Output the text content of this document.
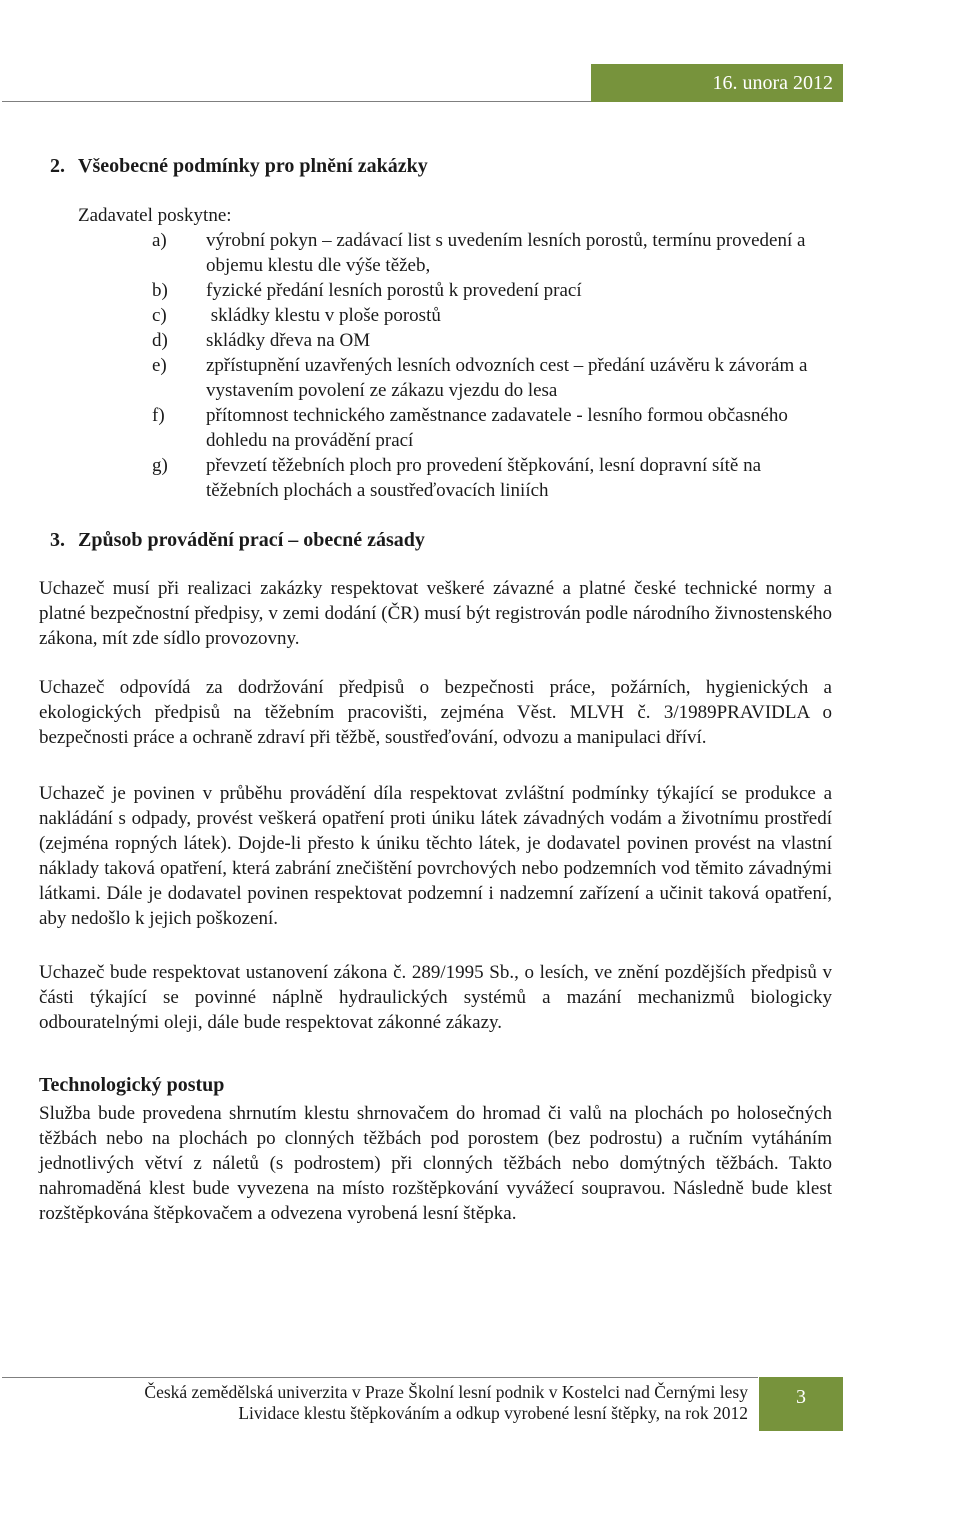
16. unora 2012
2. Všeobecné podmínky pro plnění zakázky
Zadavatel poskytne:
a)	výrobní pokyn – zadávací list s uvedením lesních porostů, termínu provedení a objemu klestu dle výše těžeb,
b)	fyzické předání lesních porostů k provedení prací
c)	skládky klestu v ploše porostů
d)	skládky dřeva na OM
e)	zpřístupnění uzavřených lesních odvozních cest – předání uzávěru k závorám a vystavením povolení ze zákazu vjezdu do lesa
f)	přítomnost technického zaměstnance zadavatele - lesního formou občasného dohledu na provádění prací
g)	převzetí těžebních ploch pro provedení štěpkování, lesní dopravní sítě na těžebních plochách a soustřeďovacích liniích
3. Způsob provádění prací – obecné zásady
Uchazeč musí při realizaci zakázky respektovat veškeré závazné a platné české technické normy a platné bezpečnostní předpisy, v zemi dodání (ČR) musí být registrován podle národního živnostenského zákona, mít zde sídlo provozovny.
Uchazeč odpovídá za dodržování předpisů o bezpečnosti práce, požárních, hygienických a ekologických předpisů na těžebním pracovišti, zejména Věst. MLVH č. 3/1989PRAVIDLA o bezpečnosti práce a ochraně zdraví při těžbě, soustřeďování, odvozu a manipulaci dříví.
Uchazeč je povinen v průběhu provádění díla respektovat zvláštní podmínky týkající se produkce a nakládání s odpady, provést veškerá opatření proti úniku látek závadných vodám a životnímu prostředí (zejména ropných látek). Dojde-li přesto k úniku těchto látek, je dodavatel povinen provést na vlastní náklady taková opatření, která zabrání znečištění povrchových nebo podzemních vod těmito závadnými látkami. Dále je dodavatel povinen respektovat podzemní i nadzemní zařízení a učinit taková opatření, aby nedošlo k jejich poškození.
Uchazeč bude respektovat ustanovení zákona č. 289/1995 Sb., o lesích, ve znění pozdějších předpisů v části týkající se povinné náplně hydraulických systémů a mazání mechanizmů biologicky odbouratelnými oleji, dále bude respektovat zákonné zákazy.
Technologický postup
Služba bude provedena shrnutím klestu shrnovačem do hromad či valů na plochách po holosečných těžbách nebo na plochách po clonných těžbách pod porostem (bez podrostu) a ručním vytáháním jednotlivých větví z náletů (s podrostem) při clonných těžbách nebo domýtných těžbách. Takto nahromaděná klest bude vyvezena na místo rozštěpkování vyvážecí soupravou. Následně bude klest rozštěpkována štěpkovačem a odvezena vyrobená lesní štěpka.
Česká zemědělská univerzita v Praze Školní lesní podnik v Kostelci nad Černými lesy
Lividace klestu štěpkováním a odkup vyrobené lesní štěpky, na rok 2012
3
